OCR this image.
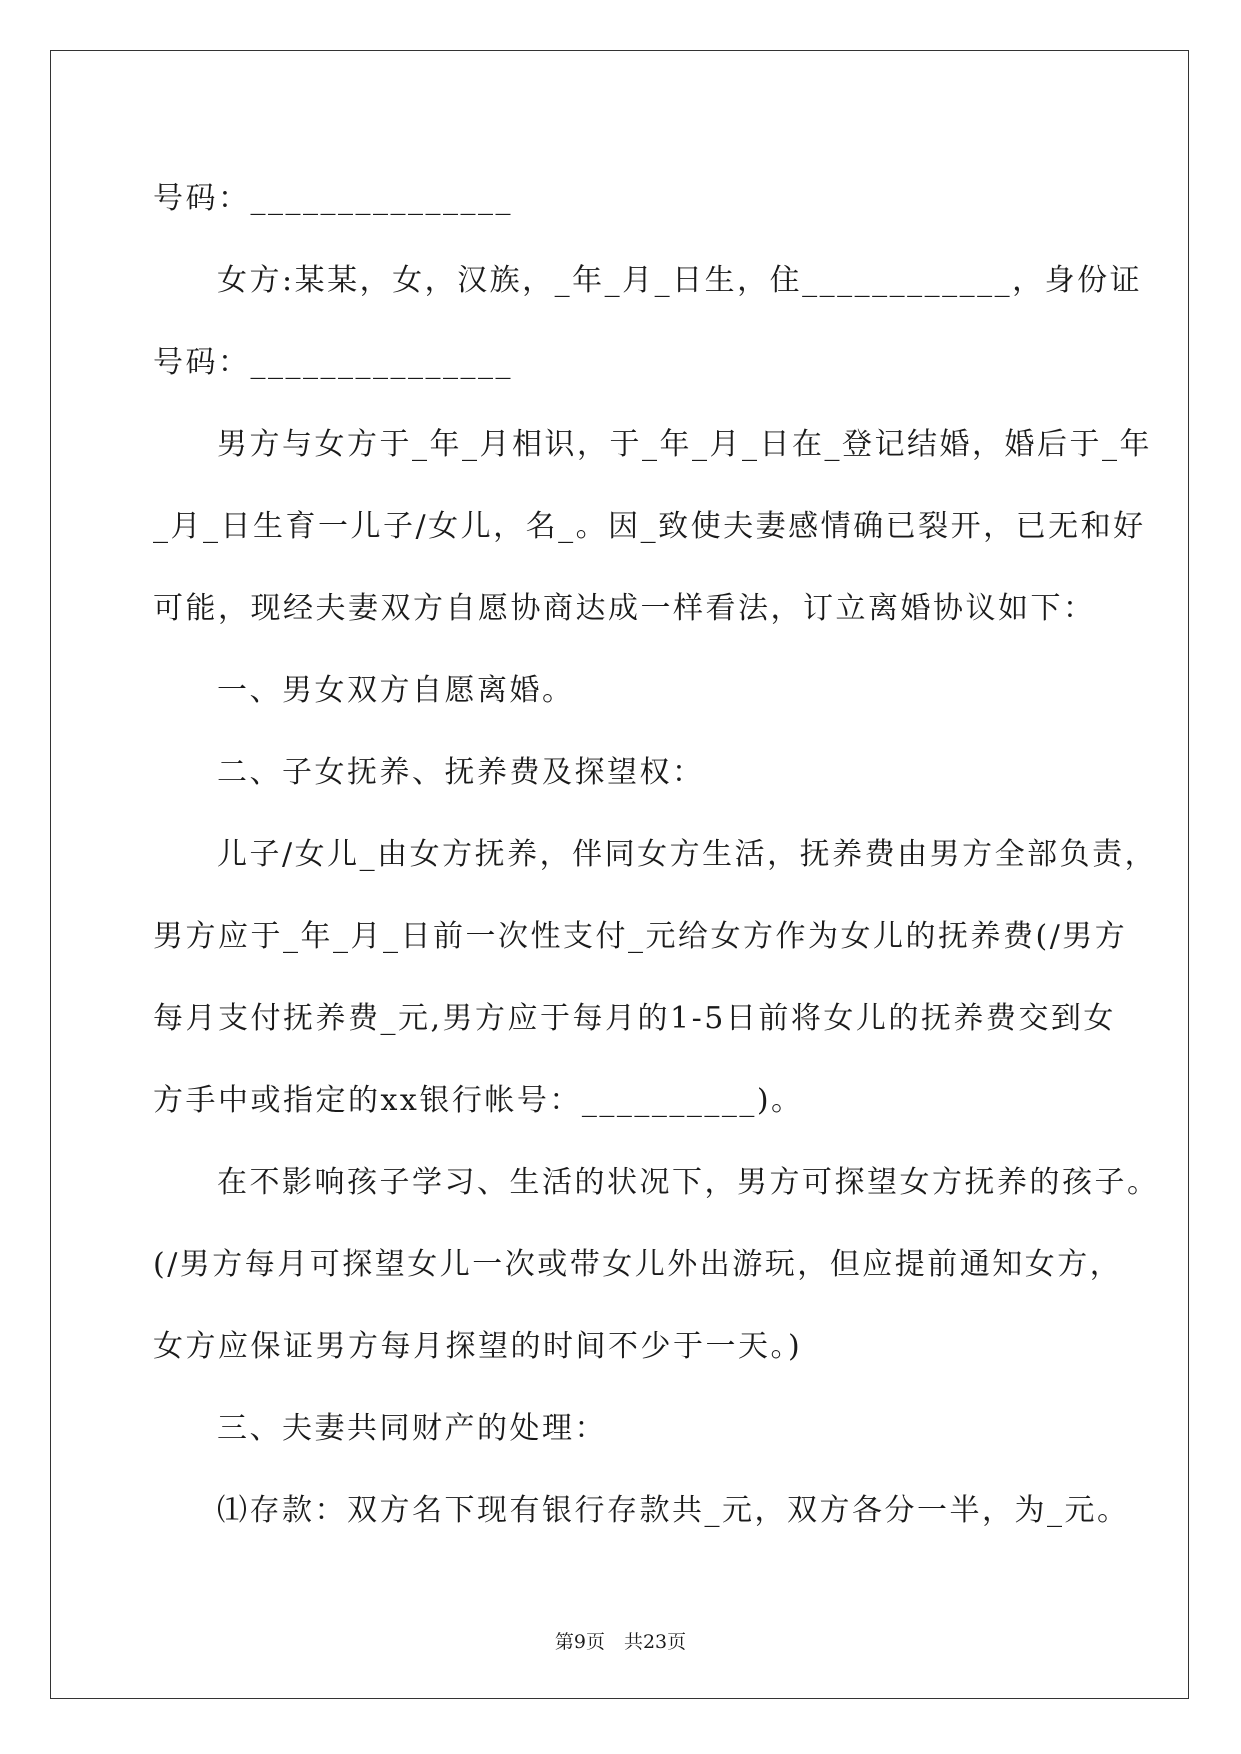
号码：_______________
女方:某某，女，汉族，_年_月_日生，住____________，身份证
号码：_______________
男方与女方于_年_月相识，于_年_月_日在_登记结婚，婚后于_年
_月_日生育一儿子/女儿，名_。因_致使夫妻感情确已裂开，已无和好
可能，现经夫妻双方自愿协商达成一样看法，订立离婚协议如下：
一、男女双方自愿离婚。
二、子女抚养、抚养费及探望权：
儿子/女儿_由女方抚养，伴同女方生活，抚养费由男方全部负责，
男方应于_年_月_日前一次性支付_元给女方作为女儿的抚养费(/男方
每月支付抚养费_元,男方应于每月的1-5日前将女儿的抚养费交到女
方手中或指定的xx银行帐号：__________)。
在不影响孩子学习、生活的状况下，男方可探望女方抚养的孩子。
(/男方每月可探望女儿一次或带女儿外出游玩，但应提前通知女方，
女方应保证男方每月探望的时间不少于一天。)
三、夫妻共同财产的处理：
⑴存款：双方名下现有银行存款共_元，双方各分一半，为_元。
第9页　共23页
